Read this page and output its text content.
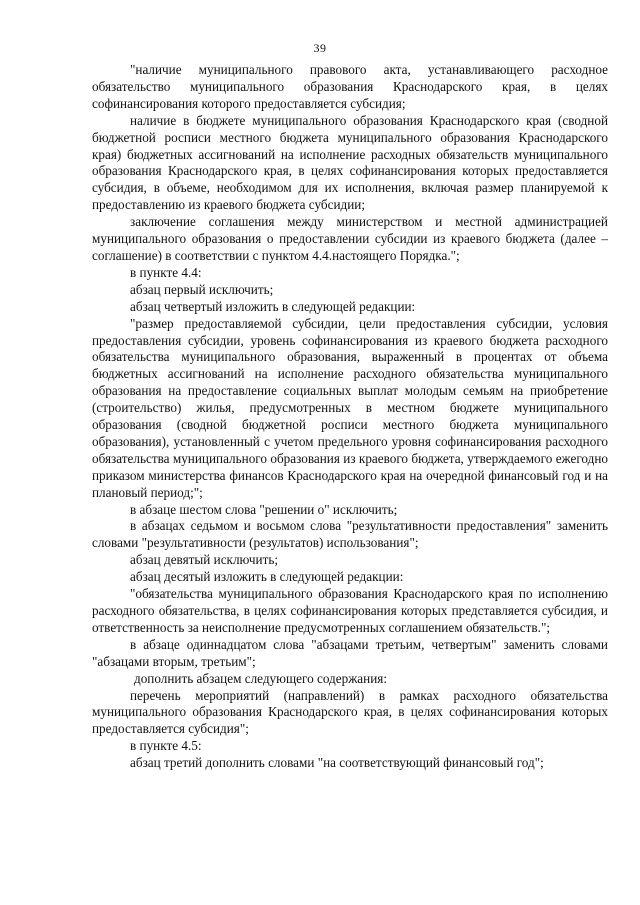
39

"наличие муниципального правового акта, устанавливающего расходное обязательство муниципального образования Краснодарского края, в целях софинансирования которого предоставляется субсидия;

наличие в бюджете муниципального образования Краснодарского края (сводной бюджетной росписи местного бюджета муниципального образования Краснодарского края) бюджетных ассигнований на исполнение расходных обязательств муниципального образования Краснодарского края, в целях софинансирования которых предоставляется субсидия, в объеме, необходимом для их исполнения, включая размер планируемой к предоставлению из краевого бюджета субсидии;

заключение соглашения между министерством и местной администрацией муниципального образования о предоставлении субсидии из краевого бюджета (далее – соглашение) в соответствии с пунктом 4.4.настоящего Порядка.";

в пункте 4.4:

абзац первый исключить;

абзац четвертый изложить в следующей редакции:

"размер предоставляемой субсидии, цели предоставления субсидии, условия предоставления субсидии, уровень софинансирования из краевого бюджета расходного обязательства муниципального образования, выраженный в процентах от объема бюджетных ассигнований на исполнение расходного обязательства муниципального образования на предоставление социальных выплат молодым семьям на приобретение (строительство) жилья, предусмотренных в местном бюджете муниципального образования (сводной бюджетной росписи местного бюджета муниципального образования), установленный с учетом предельного уровня софинансирования расходного обязательства муниципального образования из краевого бюджета, утверждаемого ежегодно приказом министерства финансов Краснодарского края на очередной финансовый год и на плановый период;";

в абзаце шестом слова "решении о" исключить;

в абзацах седьмом и восьмом слова "результативности предоставления" заменить словами "результативности (результатов) использования";

абзац девятый исключить;

абзац десятый изложить в следующей редакции:

"обязательства муниципального образования Краснодарского края по исполнению расходного обязательства, в целях софинансирования которых представляется субсидия, и ответственность за неисполнение предусмотренных соглашением обязательств.";

в абзаце одиннадцатом слова "абзацами третьим, четвертым" заменить словами "абзацами вторым, третьим";

дополнить абзацем следующего содержания:

перечень мероприятий (направлений) в рамках расходного обязательства муниципального образования Краснодарского края, в целях софинансирования которых предоставляется субсидия";

в пункте 4.5:

абзац третий дополнить словами "на соответствующий финансовый год";
